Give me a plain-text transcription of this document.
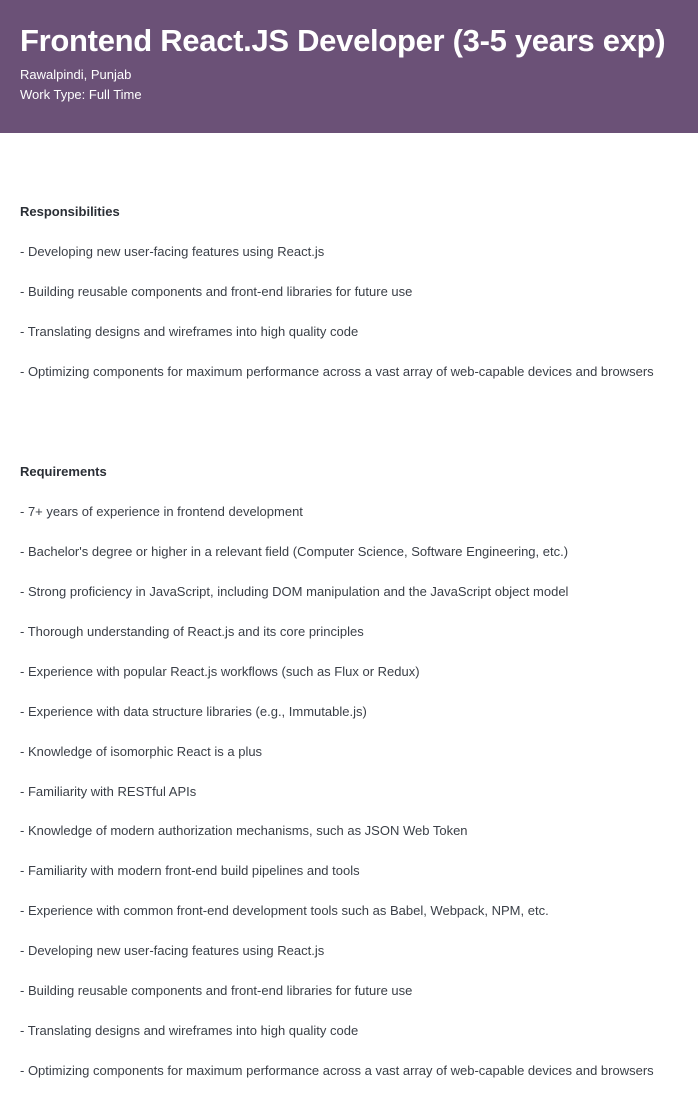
Frontend React.JS Developer (3-5 years exp)
Rawalpindi, Punjab
Work Type: Full Time
Responsibilities
- Developing new user-facing features using React.js
- Building reusable components and front-end libraries for future use
- Translating designs and wireframes into high quality code
- Optimizing components for maximum performance across a vast array of web-capable devices and browsers
Requirements
- 7+ years of experience in frontend development
- Bachelor's degree or higher in a relevant field (Computer Science, Software Engineering, etc.)
- Strong proficiency in JavaScript, including DOM manipulation and the JavaScript object model
- Thorough understanding of React.js and its core principles
- Experience with popular React.js workflows (such as Flux or Redux)
- Experience with data structure libraries (e.g., Immutable.js)
- Knowledge of isomorphic React is a plus
- Familiarity with RESTful APIs
- Knowledge of modern authorization mechanisms, such as JSON Web Token
- Familiarity with modern front-end build pipelines and tools
- Experience with common front-end development tools such as Babel, Webpack, NPM, etc.
- Developing new user-facing features using React.js
- Building reusable components and front-end libraries for future use
- Translating designs and wireframes into high quality code
- Optimizing components for maximum performance across a vast array of web-capable devices and browsers
